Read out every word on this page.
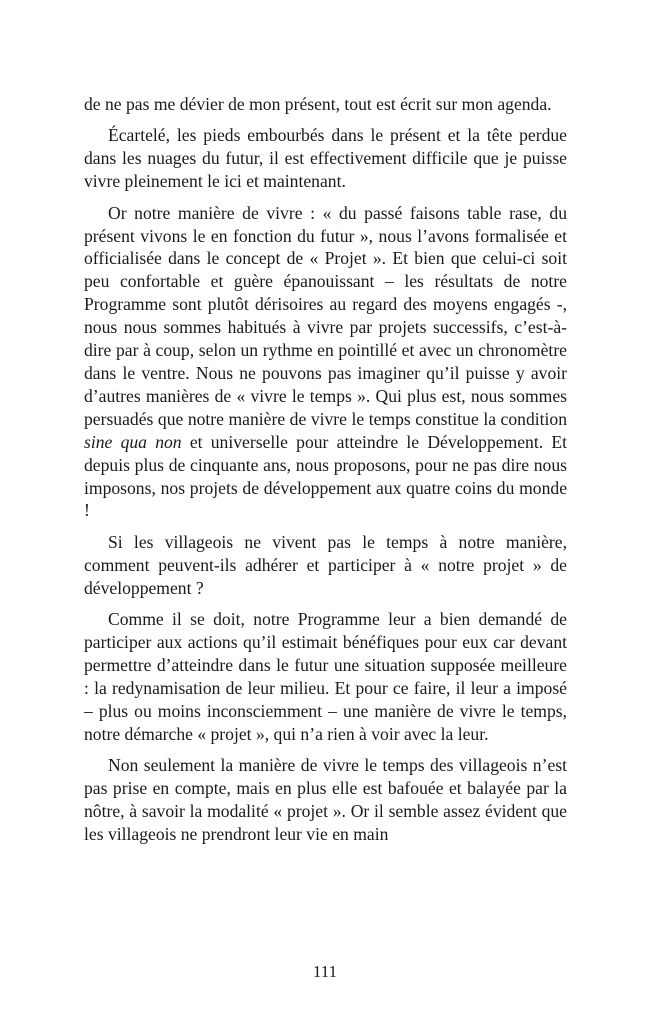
de ne pas me dévier de mon présent, tout est écrit sur mon agenda.

Écartelé, les pieds embourbés dans le présent et la tête perdue dans les nuages du futur, il est effectivement difficile que je puisse vivre pleinement le ici et maintenant.

Or notre manière de vivre : « du passé faisons table rase, du présent vivons le en fonction du futur », nous l’avons formalisée et officialisée dans le concept de « Projet ». Et bien que celui-ci soit peu confortable et guère épanouissant – les résultats de notre Programme sont plutôt dérisoires au regard des moyens engagés -, nous nous sommes habitués à vivre par projets successifs, c’est-à-dire par à coup, selon un rythme en pointillé et avec un chronomètre dans le ventre. Nous ne pouvons pas imaginer qu’il puisse y avoir d’autres manières de « vivre le temps ». Qui plus est, nous sommes persuadés que notre manière de vivre le temps constitue la condition sine qua non et universelle pour atteindre le Développement. Et depuis plus de cinquante ans, nous proposons, pour ne pas dire nous imposons, nos projets de développement aux quatre coins du monde !

Si les villageois ne vivent pas le temps à notre manière, comment peuvent-ils adhérer et participer à « notre projet » de développement ?

Comme il se doit, notre Programme leur a bien demandé de participer aux actions qu’il estimait bénéfiques pour eux car devant permettre d’atteindre dans le futur une situation supposée meilleure : la redynamisation de leur milieu. Et pour ce faire, il leur a imposé – plus ou moins inconsciemment – une manière de vivre le temps, notre démarche « projet », qui n’a rien à voir avec la leur.

Non seulement la manière de vivre le temps des villageois n’est pas prise en compte, mais en plus elle est bafouée et balayée par la nôtre, à savoir la modalité « projet ». Or il semble assez évident que les villageois ne prendront leur vie en main

111
